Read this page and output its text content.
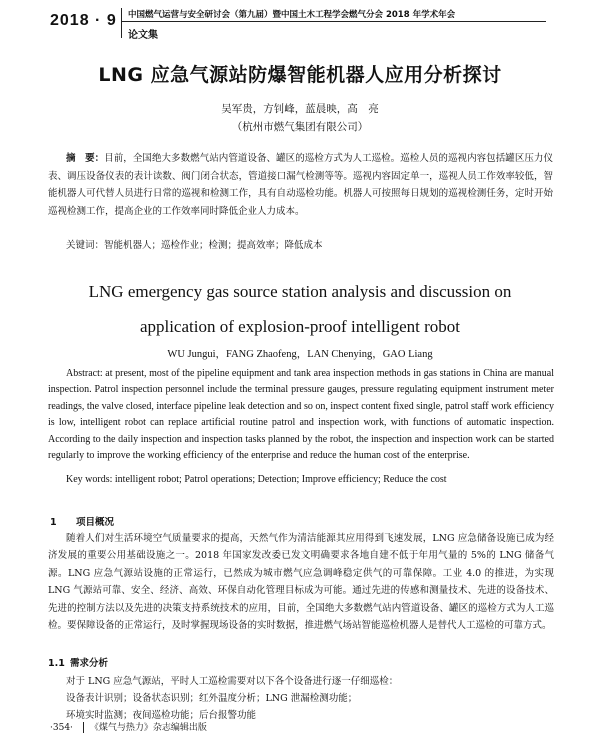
2018 · 9 中国燃气运营与安全研讨会（第九届）暨中国土木工程学会燃气分会 2018 年学术年会
论文集
LNG 应急气源站防爆智能机器人应用分析探讨
吴军贵，方钊峰，蓝晨映，高　亮
（杭州市燃气集团有限公司）
摘　要：目前，全国绝大多数燃气站内管道设备、罐区的巡检方式为人工巡检。巡检人员的巡视内容包括罐区压力仪表、调压设备仪表的表计读数、阀门闭合状态，管道接口漏气检测等等。巡视内容固定单一，巡视人员工作效率较低，智能机器人可代替人员进行日常的巡视和检测工作，具有自动巡检功能。机器人可按照每日规划的巡视检测任务，定时开始巡视检测工作，提高企业的工作效率同时降低企业人力成本。
关键词：智能机器人；巡检作业；检测；提高效率；降低成本
LNG emergency gas source station analysis and discussion on
application of explosion-proof intelligent robot
WU Jungui，FANG Zhaofeng，LAN Chenying，GAO Liang
Abstract: at present, most of the pipeline equipment and tank area inspection methods in gas stations in China are manual inspection. Patrol inspection personnel include the terminal pressure gauges, pressure regulating equipment instrument meter readings, the valve closed, interface pipeline leak detection and so on, inspect content fixed single, patrol staff work efficiency is low, intelligent robot can replace artificial routine patrol and inspection work, with functions of automatic inspection. According to the daily inspection and inspection tasks planned by the robot, the inspection and inspection work can be started regularly to improve the working efficiency of the enterprise and reduce the human cost of the enterprise.
Key words: intelligent robot; Patrol operations; Detection; Improve efficiency; Reduce the cost
1 项目概况
随着人们对生活环境空气质量要求的提高，天然气作为清洁能源其应用得到飞速发展，LNG 应急储备设施已成为经济发展的重要公用基础设施之一。2018 年国家发改委已发文明确要求各地自建不低于年用气量的 5%的 LNG 储备气源。LNG 应急气源站设施的正常运行，已然成为城市燃气应急调峰稳定供气的可靠保障。工业 4.0 的推进，为实现 LNG 气源站可靠、安全、经济、高效、环保自动化管理目标成为可能。通过先进的传感和测量技术、先进的设备技术、先进的控制方法以及先进的决策支持系统技术的应用，目前，全国绝大多数燃气站内管道设备、罐区的巡检方式为人工巡检。要保障设备的正常运行，及时掌握现场设备的实时数据，推进燃气场站智能巡检机器人是替代人工巡检的可靠方式。
1.1 需求分析
对于 LNG 应急气源站，平时人工巡检需要对以下各个设备进行逐一仔细巡检：
设备表计识别；设备状态识别；红外温度分析；LNG 泄漏检测功能；
环境实时监测；夜间巡检功能；后台报警功能
·354· 《煤气与热力》杂志编辑出版
